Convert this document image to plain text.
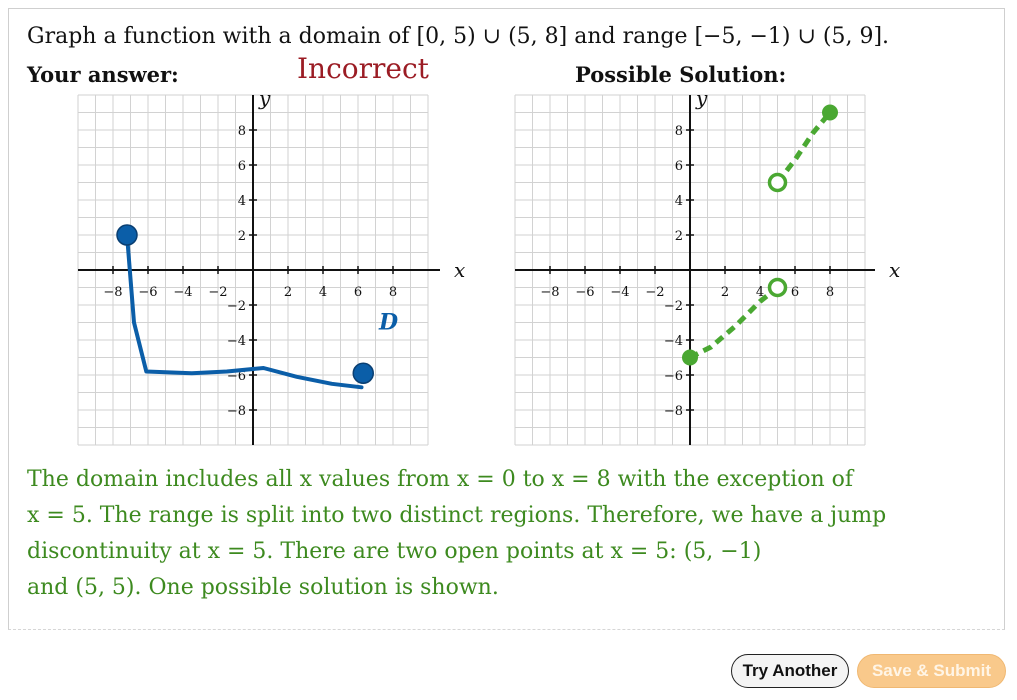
Graph a function with a domain of [0, 5) ∪ (5, 8] and range [−5, −1) ∪ (5, 9].
Your answer:	Incorrect	Possible Solution:
−8 −6 −4 −2	2 4 6 8
8
6
4
2
−2
−4
−6
−8
x
y
D
−8 −6 −4 −2	2 4 6 8
8
6
4
2
−2
−4
−6
−8
x
y

The domain includes all x values from x = 0 to x = 8 with the exception of

x = 5. The range is split into two distinct regions. Therefore, we have a jump

discontinuity at x = 5. There are two open points at x = 5: (5, −1)

and (5, 5). One possible solution is shown.

Try Another	Save & Submit
